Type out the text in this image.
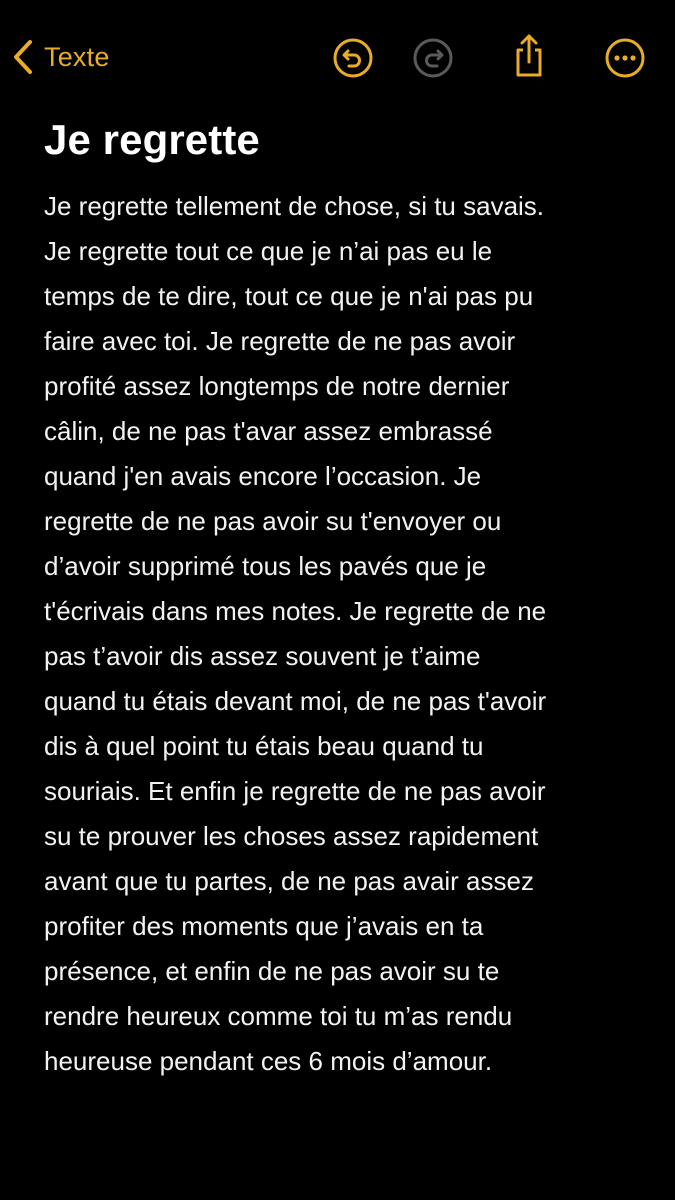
Texte
Je regrette
Je regrette tellement de chose, si tu savais.
Je regrette tout ce que je n’ai pas eu le
temps de te dire, tout ce que je n'ai pas pu
faire avec toi. Je regrette de ne pas avoir
profité assez longtemps de notre dernier
câlin, de ne pas t'avar assez embrassé
quand j'en avais encore l’occasion. Je
regrette de ne pas avoir su t'envoyer ou
d’avoir supprimé tous les pavés que je
t'écrivais dans mes notes. Je regrette de ne
pas t’avoir dis assez souvent je t’aime
quand tu étais devant moi, de ne pas t'avoir
dis à quel point tu étais beau quand tu
souriais. Et enfin je regrette de ne pas avoir
su te prouver les choses assez rapidement
avant que tu partes, de ne pas avair assez
profiter des moments que j’avais en ta
présence, et enfin de ne pas avoir su te
rendre heureux comme toi tu m’as rendu
heureuse pendant ces 6 mois d’amour.
